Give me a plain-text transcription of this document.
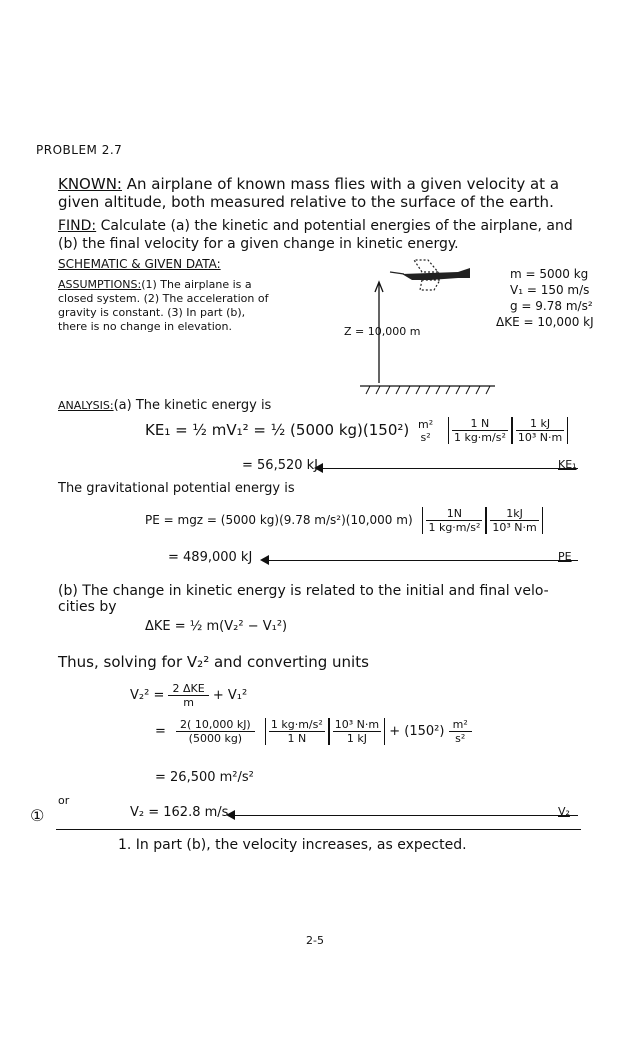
PROBLEM 2.7
KNOWN: An airplane of known mass flies with a given velocity at a
given altitude, both measured relative to the surface of the earth.
FIND: Calculate (a) the kinetic and potential energies of the airplane, and
(b) the final velocity for a given change in kinetic energy.
SCHEMATIC & GIVEN DATA:
ASSUMPTIONS:(1) The airplane is a
closed system. (2) The acceleration of
gravity is constant. (3) In part (b),
there is no change in elevation.	Z = 10,000 m
m = 5000 kg
V₁ = 150 m/s
g = 9.78 m/s²
ΔKE = 10,000 kJ
ANALYSIS:(a) The kinetic energy is
KE₁ = ½ mV₁² = ½ (5000 kg)(150²) m²
s²
	$\frac{1 N}{\text{1 kg·m/s²}} \frac{1 kJ}{\text{10³ N·m}}$
= 56,520 kJ	KE₁
The gravitational potential energy is
PE = mgz = (5000 kg)(9.78 m/s²)(10,000 $m) \frac{1N}{\text{1 kg·m/s²}} \frac{1kJ}{\text{10³ N·m}}$
= 489,000 kJ	PE
(b) The change in kinetic energy is related to the initial and final velo-
cities by
ΔKE = ½ m(V₂² − V₁²)
Thus, solving for V₂² and converting units
$V_2^2 = \frac{\text{2 ΔKE}}{m} + V_1^2$
= $\frac{2( 10,000 kJ)}{(5000 kg)}$
$\frac{\text{1 kg·m/s²}}{1 N} \frac{\text{10³ N·m}}{1 kJ} + (150^2) \frac{\text{m²}}{\text{s²}}$
= 26,500 m²/s²
or
①	V₂ = 162.8 m/s	V₂
1. In part (b), the velocity increases, as expected.
2-5
